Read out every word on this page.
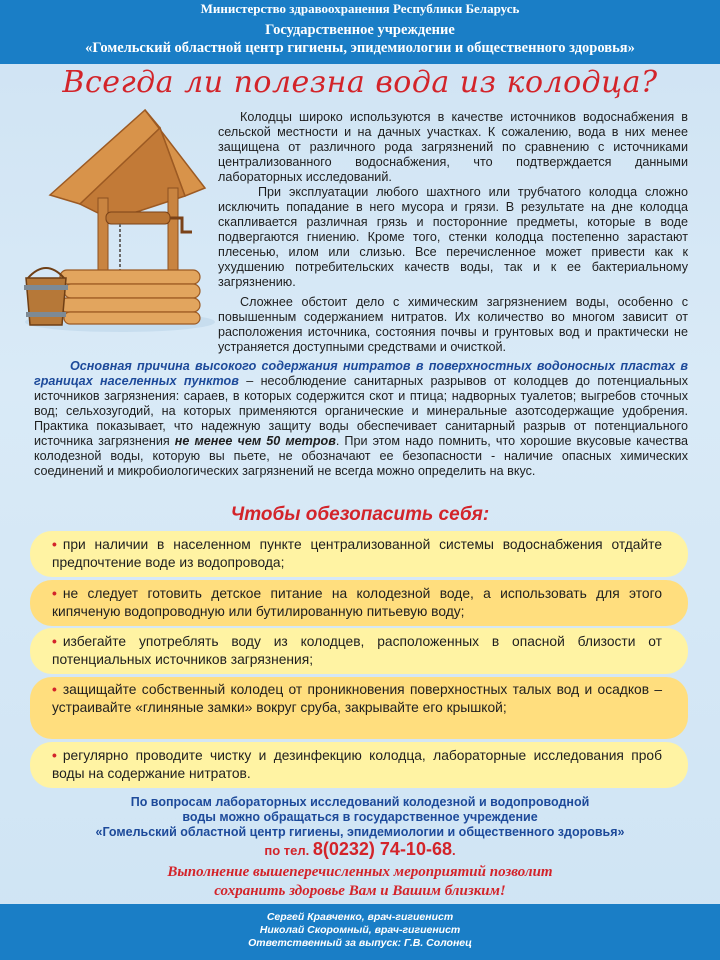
Министерство здравоохранения Республики Беларусь
Государственное учреждение
«Гомельский областной центр гигиены, эпидемиологии и общественного здоровья»
Всегда ли полезна вода из колодца?
Колодцы широко используются в качестве источников водоснабжения в сельской местности и на дачных участках. К сожалению, вода в них менее защищена от различного рода загрязнений по сравнению с источниками централизованного водоснабжения, что подтверждается данными лабораторных исследований.
При эксплуатации любого шахтного или трубчатого колодца сложно исключить попадание в него мусора и грязи. В результате на дне колодца скапливается различная грязь и посторонние предметы, которые в воде подвергаются гниению. Кроме того, стенки колодца постепенно зарастают плесенью, илом или слизью. Все перечисленное может привести как к ухудшению потребительских качеств воды, так и к ее бактериальному загрязнению.
Сложнее обстоит дело с химическим загрязнением воды, особенно с повышенным содержанием нитратов. Их количество во многом зависит от расположения источника, состояния почвы и грунтовых вод и практически не устраняется доступными средствами и очисткой.
Основная причина высокого содержания нитратов в поверхностных водоносных пластах в границах населенных пунктов – несоблюдение санитарных разрывов от колодцев до потенциальных источников загрязнения: сараев, в которых содержится скот и птица; надворных туалетов; выгребов сточных вод; сельхозугодий, на которых применяются органические и минеральные азотсодержащие удобрения. Практика показывает, что надежную защиту воды обеспечивает санитарный разрыв от потенциального источника загрязнения не менее чем 50 метров. При этом надо помнить, что хорошие вкусовые качества колодезной воды, которую вы пьете, не обозначают ее безопасности - наличие опасных химических соединений и микробиологических загрязнений не всегда можно определить на вкус.
Чтобы обезопасить себя:
• при наличии в населенном пункте централизованной системы водоснабжения отдайте предпочтение воде из водопровода;
• не следует готовить детское питание на колодезной воде, а использовать для этого кипяченую водопроводную или бутилированную питьевую воду;
• избегайте употреблять воду из колодцев, расположенных в опасной близости от потенциальных источников загрязнения;
• защищайте собственный колодец от проникновения поверхностных талых вод и осадков – устраивайте «глиняные замки» вокруг сруба, закрывайте его крышкой;
• регулярно проводите чистку и дезинфекцию колодца, лабораторные исследования проб воды на содержание нитратов.
По вопросам лабораторных исследований колодезной и водопроводной
воды можно обращаться в государственное учреждение
«Гомельский областной центр гигиены, эпидемиологии и общественного здоровья»
по тел. 8(0232) 74-10-68.
Выполнение вышеперечисленных мероприятий позволит
сохранить здоровье Вам и Вашим близким!
Сергей Кравченко, врач-гигиенист
Николай Скоромный, врач-гигиенист
Ответственный за выпуск: Г.В. Солонец
